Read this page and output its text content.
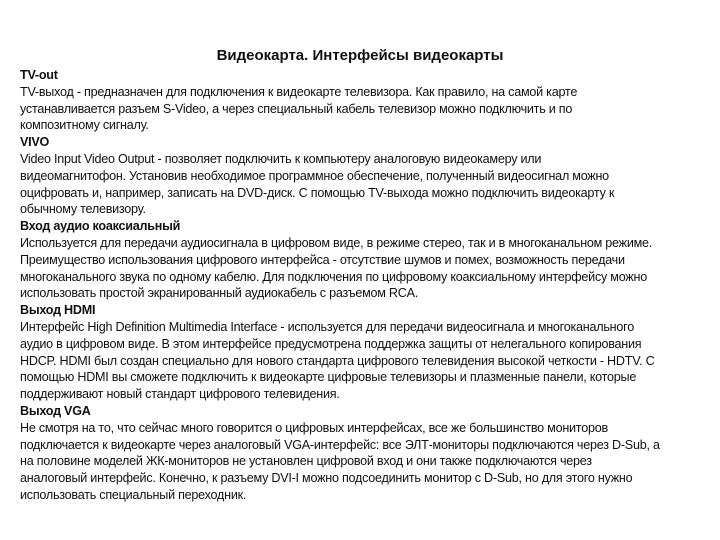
Видеокарта. Интерфейсы видеокарты
TV-out
TV-выход - предназначен для подключения к видеокарте телевизора. Как правило, на самой карте
устанавливается разъем S-Video, а через специальный кабель телевизор можно подключить и по
композитному сигналу.
VIVO
Video Input Video Output - позволяет подключить к компьютеру аналоговую видеокамеру или
видеомагнитофон. Установив необходимое программное обеспечение, полученный видеосигнал можно
оцифровать и, например, записать на DVD-диск. С помощью TV-выхода можно подключить видеокарту к
обычному телевизору.
Вход аудио коаксиальный
Используется для передачи аудиосигнала в цифровом виде, в режиме стерео, так и в многоканальном режиме.
Преимущество использования цифрового интерфейса - отсутствие шумов и помех, возможность передачи
многоканального звука по одному кабелю. Для подключения по цифровому коаксиальному интерфейсу можно
использовать простой экранированный аудиокабель с разъемом RCA.
Выход HDMI
Интерфейс High Definition Multimedia Interface - используется для передачи видеосигнала и многоканального
аудио в цифровом виде. В этом интерфейсе предусмотрена поддержка защиты от нелегального копирования
HDCP. HDMI был создан специально для нового стандарта цифрового телевидения высокой четкости - HDTV. С
помощью HDMI вы сможете подключить к видеокарте цифровые телевизоры и плазменные панели, которые
поддерживают новый стандарт цифрового телевидения.
Выход VGA
Не смотря на то, что сейчас много говорится о цифровых интерфейсах, все же большинство мониторов
подключается к видеокарте через аналоговый VGA-интерфейс: все ЭЛТ-мониторы подключаются через D-Sub, а
на половине моделей ЖК-мониторов не установлен цифровой вход и они также подключаются через
аналоговый интерфейс. Конечно, к разъему DVI-I можно подсоединить монитор с D-Sub, но для этого нужно
использовать специальный переходник.
